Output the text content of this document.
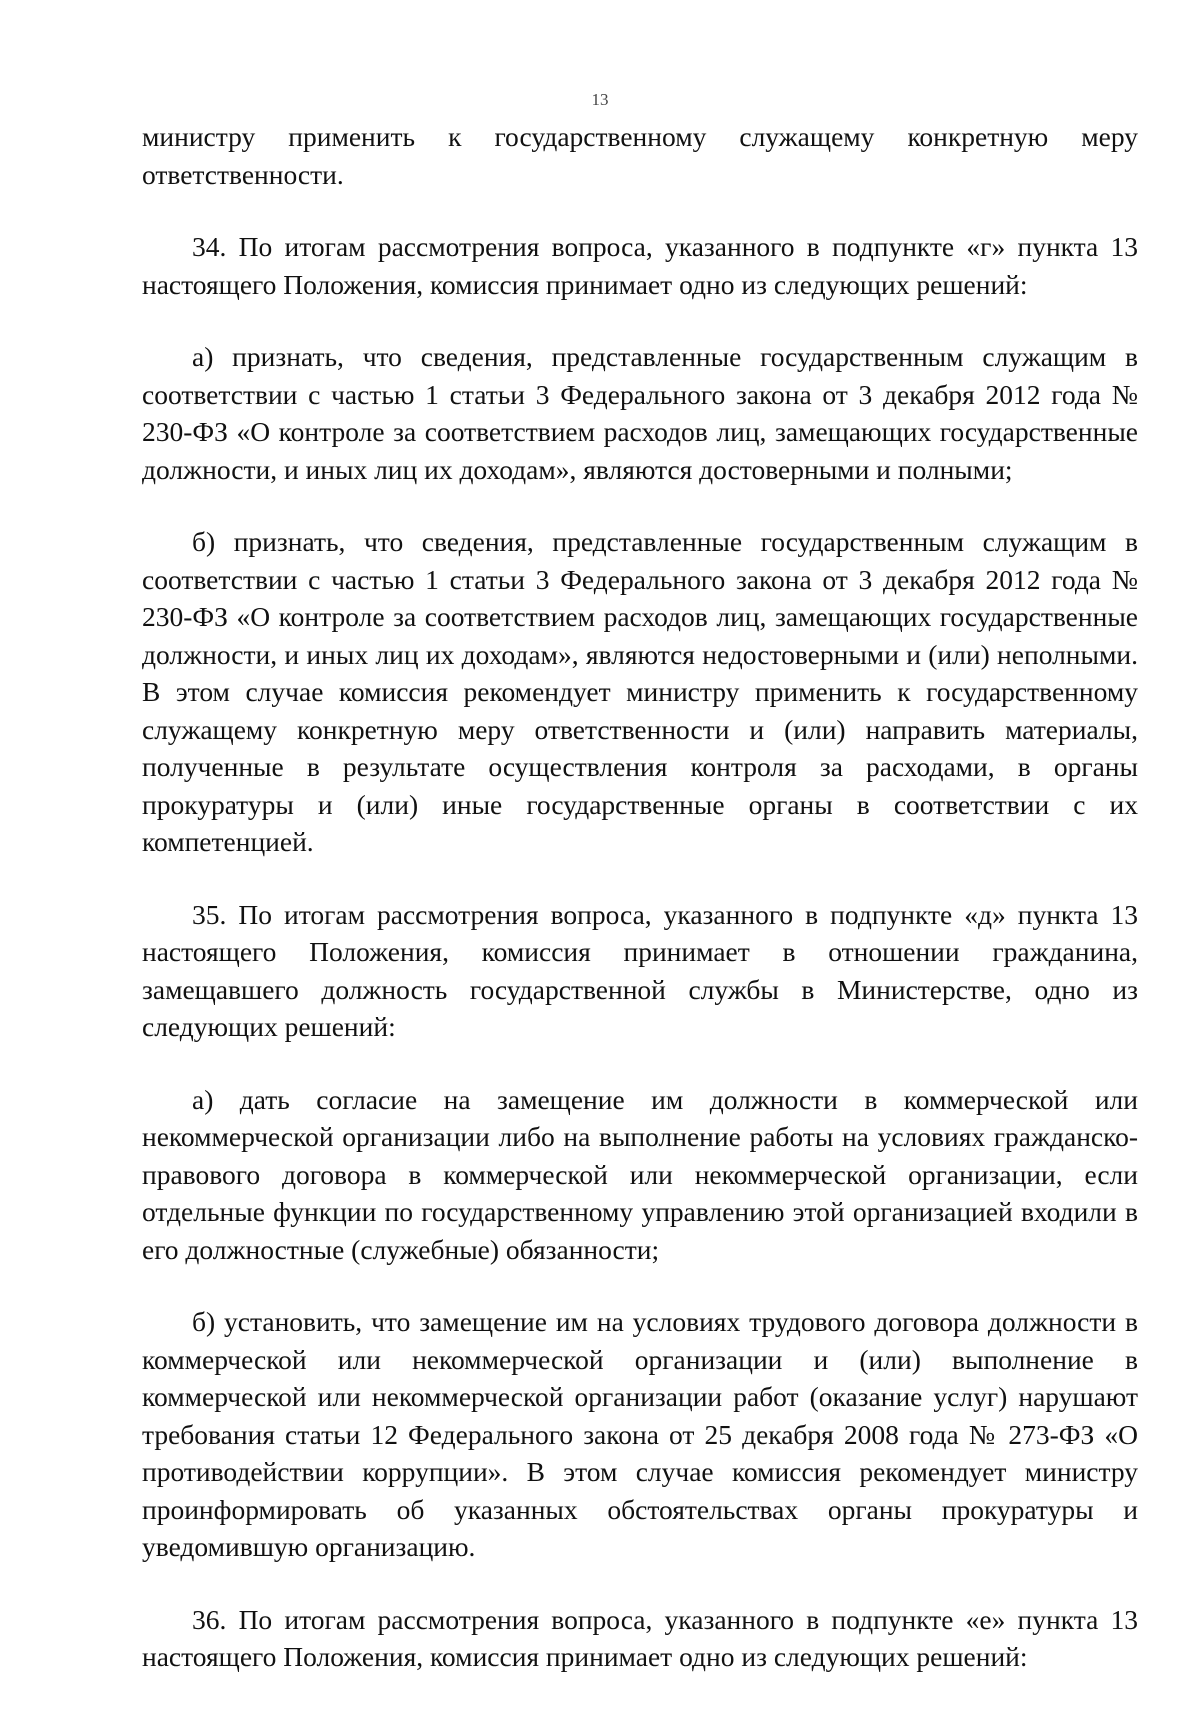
13

министру применить к государственному служащему конкретную меру ответственности.

34. По итогам рассмотрения вопроса, указанного в подпункте «г» пункта 13 настоящего Положения, комиссия принимает одно из следующих решений:

а) признать, что сведения, представленные государственным служащим в соответствии с частью 1 статьи 3 Федерального закона от 3 декабря 2012 года № 230-ФЗ «О контроле за соответствием расходов лиц, замещающих государственные должности, и иных лиц их доходам», являются достоверными и полными;

б) признать, что сведения, представленные государственным служащим в соответствии с частью 1 статьи 3 Федерального закона от 3 декабря 2012 года № 230-ФЗ «О контроле за соответствием расходов лиц, замещающих государственные должности, и иных лиц их доходам», являются недостоверными и (или) неполными. В этом случае комиссия рекомендует министру применить к государственному служащему конкретную меру ответственности и (или) направить материалы, полученные в результате осуществления контроля за расходами, в органы прокуратуры и (или) иные государственные органы в соответствии с их компетенцией.

35. По итогам рассмотрения вопроса, указанного в подпункте «д» пункта 13 настоящего Положения, комиссия принимает в отношении гражданина, замещавшего должность государственной службы в Министерстве, одно из следующих решений:

а) дать согласие на замещение им должности в коммерческой или некоммерческой организации либо на выполнение работы на условиях гражданско-правового договора в коммерческой или некоммерческой организации, если отдельные функции по государственному управлению этой организацией входили в его должностные (служебные) обязанности;

б) установить, что замещение им на условиях трудового договора должности в коммерческой или некоммерческой организации и (или) выполнение в коммерческой или некоммерческой организации работ (оказание услуг) нарушают требования статьи 12 Федерального закона от 25 декабря 2008 года № 273-ФЗ «О противодействии коррупции». В этом случае комиссия рекомендует министру проинформировать об указанных обстоятельствах органы прокуратуры и уведомившую организацию.

36. По итогам рассмотрения вопроса, указанного в подпункте «е» пункта 13 настоящего Положения, комиссия принимает одно из следующих решений:
